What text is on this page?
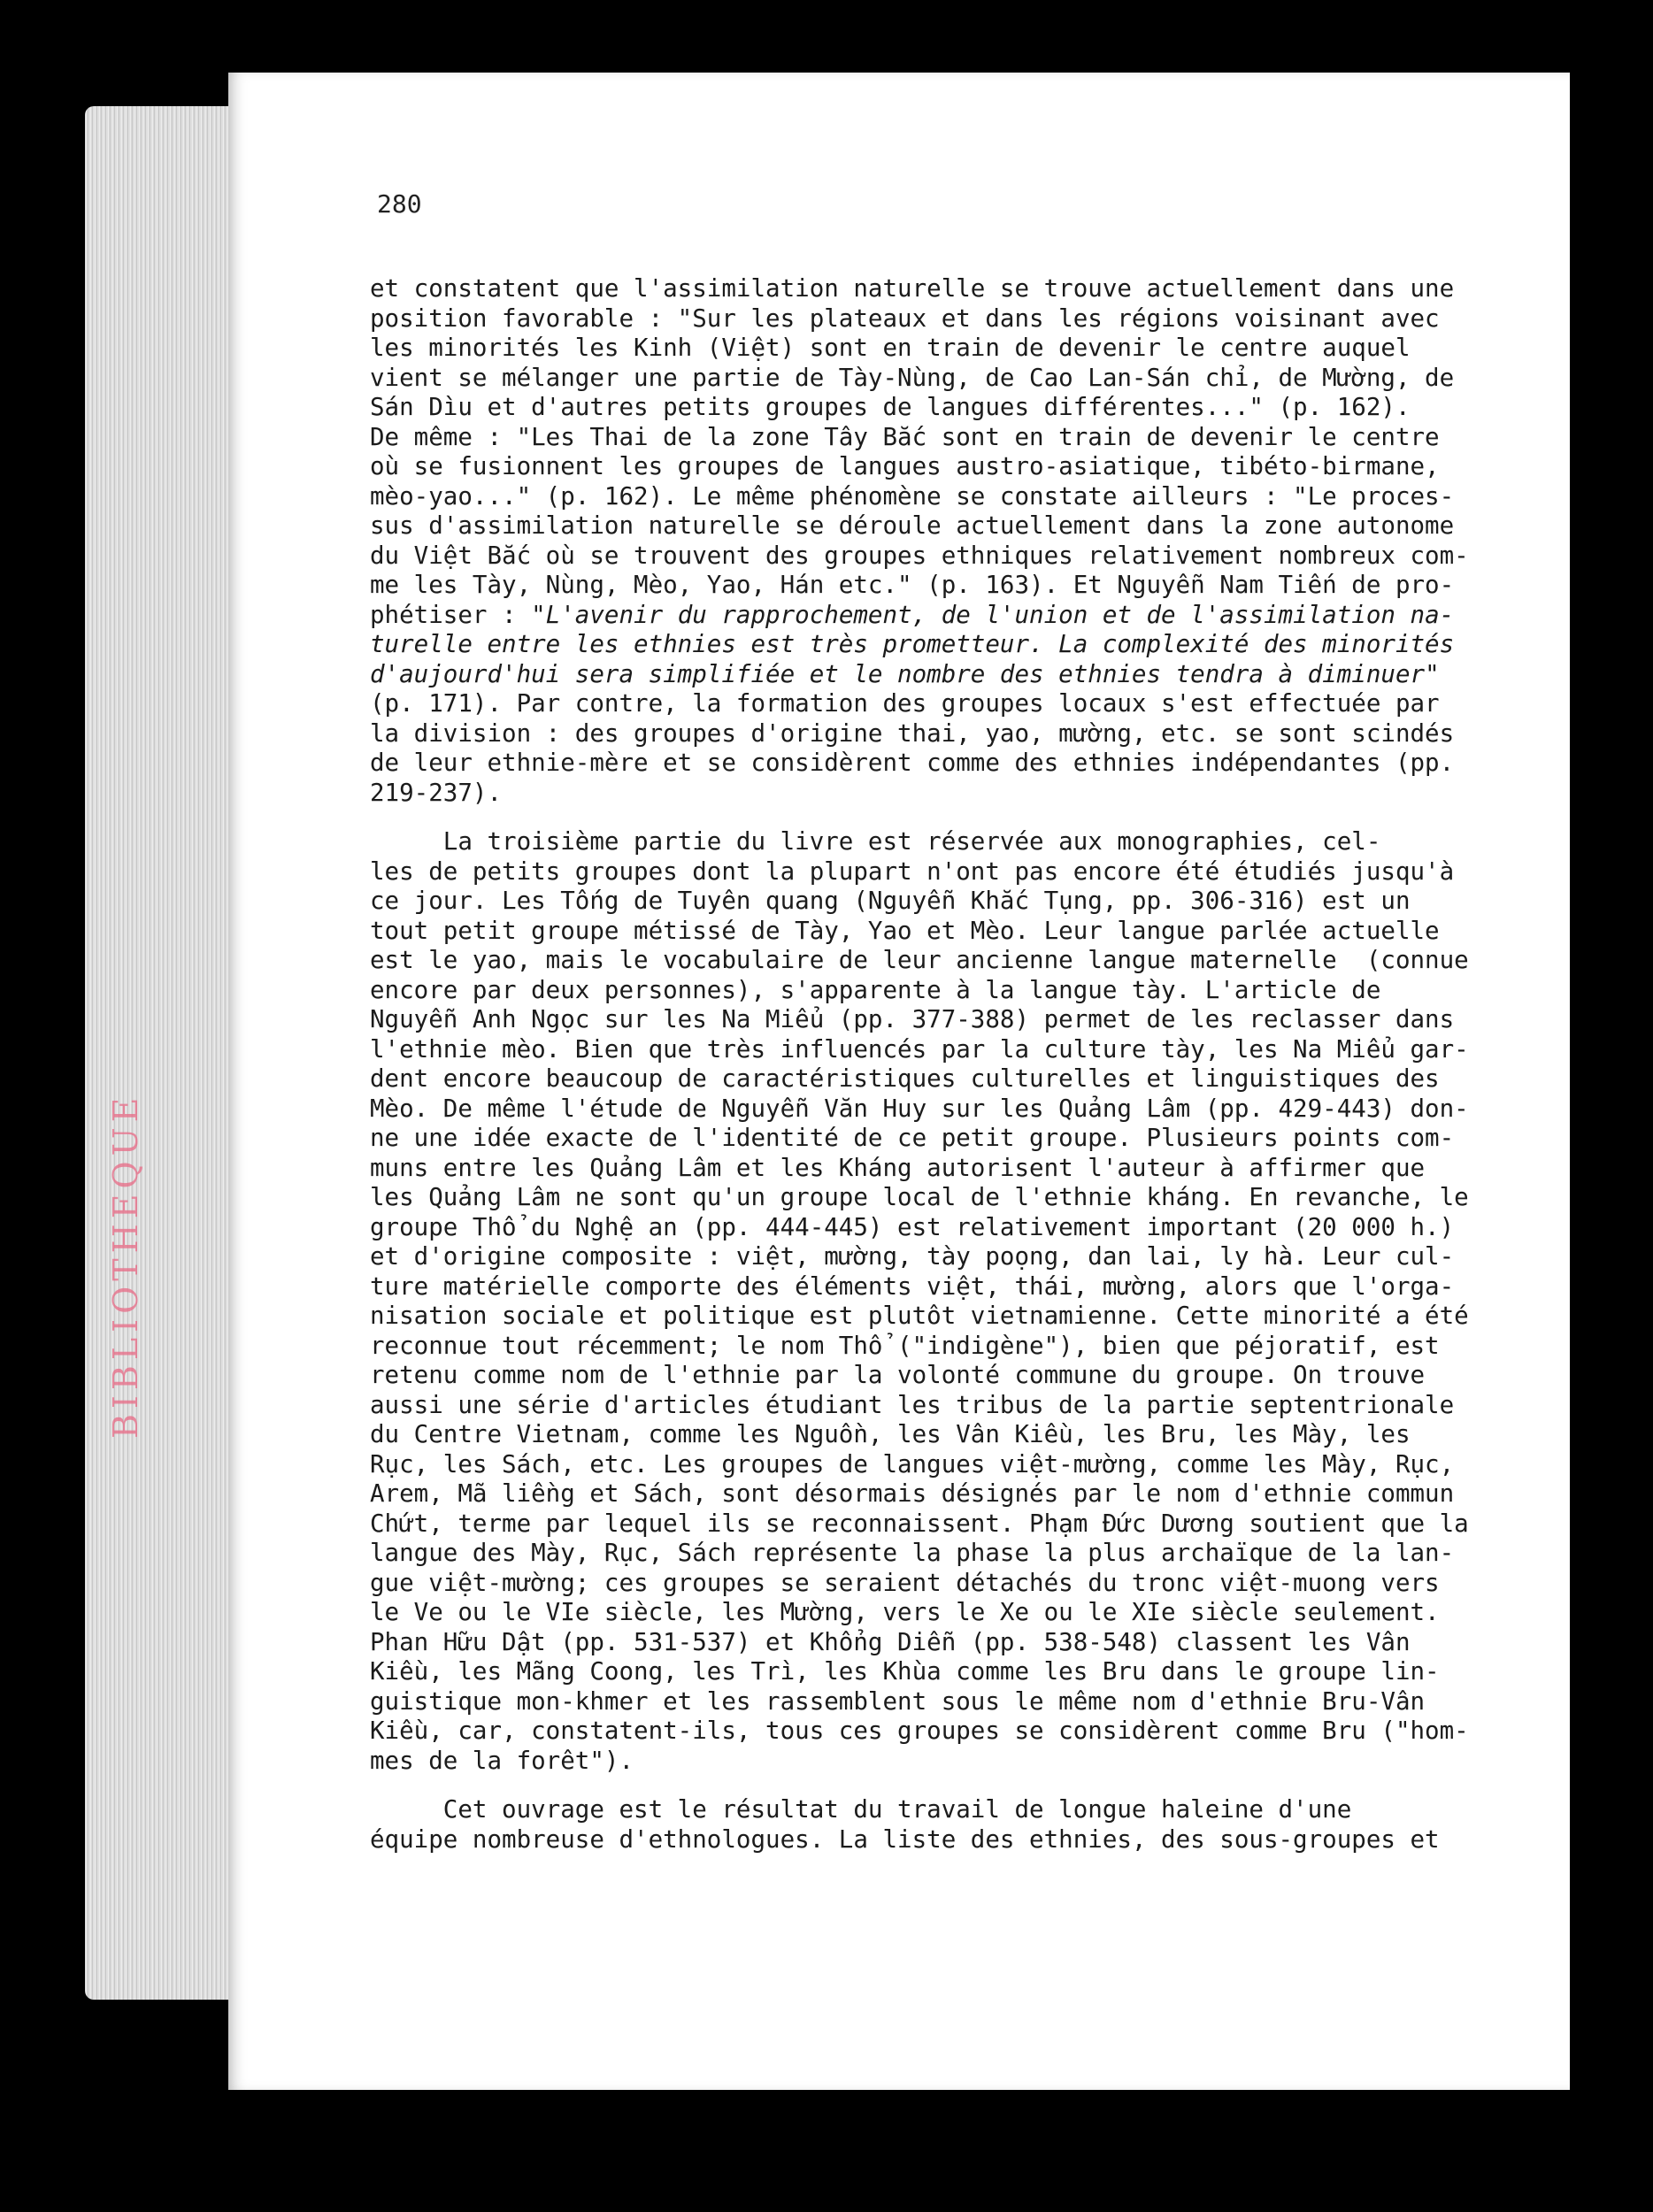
BIBLIOTHEQUE
280
et constatent que l'assimilation naturelle se trouve actuellement dans une
position favorable : "Sur les plateaux et dans les régions voisinant avec
les minorités les Kinh (Việt) sont en train de devenir le centre auquel
vient se mélanger une partie de Tày-Nùng, de Cao Lan-Sán chỉ, de Mường, de
Sán Dìu et d'autres petits groupes de langues différentes..." (p. 162).
De même : "Les Thai de la zone Tây Bắc sont en train de devenir le centre
où se fusionnent les groupes de langues austro-asiatique, tibéto-birmane,
mèo-yao..." (p. 162). Le même phénomène se constate ailleurs : "Le proces-
sus d'assimilation naturelle se déroule actuellement dans la zone autonome
du Việt Bắc où se trouvent des groupes ethniques relativement nombreux com-
me les Tày, Nùng, Mèo, Yao, Hán etc." (p. 163). Et Nguyễn Nam Tiến de pro-
phétiser : "L'avenir du rapprochement, de l'union et de l'assimilation na-
turelle entre les ethnies est très prometteur. La complexité des minorités
d'aujourd'hui sera simplifiée et le nombre des ethnies tendra à diminuer"
(p. 171). Par contre, la formation des groupes locaux s'est effectuée par
la division : des groupes d'origine thai, yao, mường, etc. se sont scindés
de leur ethnie-mère et se considèrent comme des ethnies indépendantes (pp.
219-237).
La troisième partie du livre est réservée aux monographies, cel-
les de petits groupes dont la plupart n'ont pas encore été étudiés jusqu'à
ce jour. Les Tống de Tuyên quang (Nguyễn Khắc Tụng, pp. 306-316) est un
tout petit groupe métissé de Tày, Yao et Mèo. Leur langue parlée actuelle
est le yao, mais le vocabulaire de leur ancienne langue maternelle  (connue
encore par deux personnes), s'apparente à la langue tày. L'article de
Nguyễn Anh Ngọc sur les Na Miểu (pp. 377-388) permet de les reclasser dans
l'ethnie mèo. Bien que très influencés par la culture tày, les Na Miểu gar-
dent encore beaucoup de caractéristiques culturelles et linguistiques des
Mèo. De même l'étude de Nguyễn Văn Huy sur les Quảng Lâm (pp. 429-443) don-
ne une idée exacte de l'identité de ce petit groupe. Plusieurs points com-
muns entre les Quảng Lâm et les Kháng autorisent l'auteur à affirmer que
les Quảng Lâm ne sont qu'un groupe local de l'ethnie kháng. En revanche, le
groupe Thổ du Nghệ an (pp. 444-445) est relativement important (20 000 h.)
et d'origine composite : việt, mường, tày poọng, dan lai, ly hà. Leur cul-
ture matérielle comporte des éléments việt, thái, mường, alors que l'orga-
nisation sociale et politique est plutôt vietnamienne. Cette minorité a été
reconnue tout récemment; le nom Thổ ("indigène"), bien que péjoratif, est
retenu comme nom de l'ethnie par la volonté commune du groupe. On trouve
aussi une série d'articles étudiant les tribus de la partie septentrionale
du Centre Vietnam, comme les Nguồn, les Vân Kiều, les Bru, les Mày, les
Rục, les Sách, etc. Les groupes de langues việt-mường, comme les Mày, Rục,
Arem, Mã liềng et Sách, sont désormais désignés par le nom d'ethnie commun
Chứt, terme par lequel ils se reconnaissent. Phạm Đức Dương soutient que la
langue des Mày, Rục, Sách représente la phase la plus archaïque de la lan-
gue việt-mường; ces groupes se seraient détachés du tronc việt-muong vers
le Ve ou le VIe siècle, les Mường, vers le Xe ou le XIe siècle seulement.
Phan Hữu Dật (pp. 531-537) et Khổng Diễn (pp. 538-548) classent les Vân
Kiều, les Mãng Coong, les Trì, les Khùa comme les Bru dans le groupe lin-
guistique mon-khmer et les rassemblent sous le même nom d'ethnie Bru-Vân
Kiều, car, constatent-ils, tous ces groupes se considèrent comme Bru ("hom-
mes de la forêt").
Cet ouvrage est le résultat du travail de longue haleine d'une
équipe nombreuse d'ethnologues. La liste des ethnies, des sous-groupes et
